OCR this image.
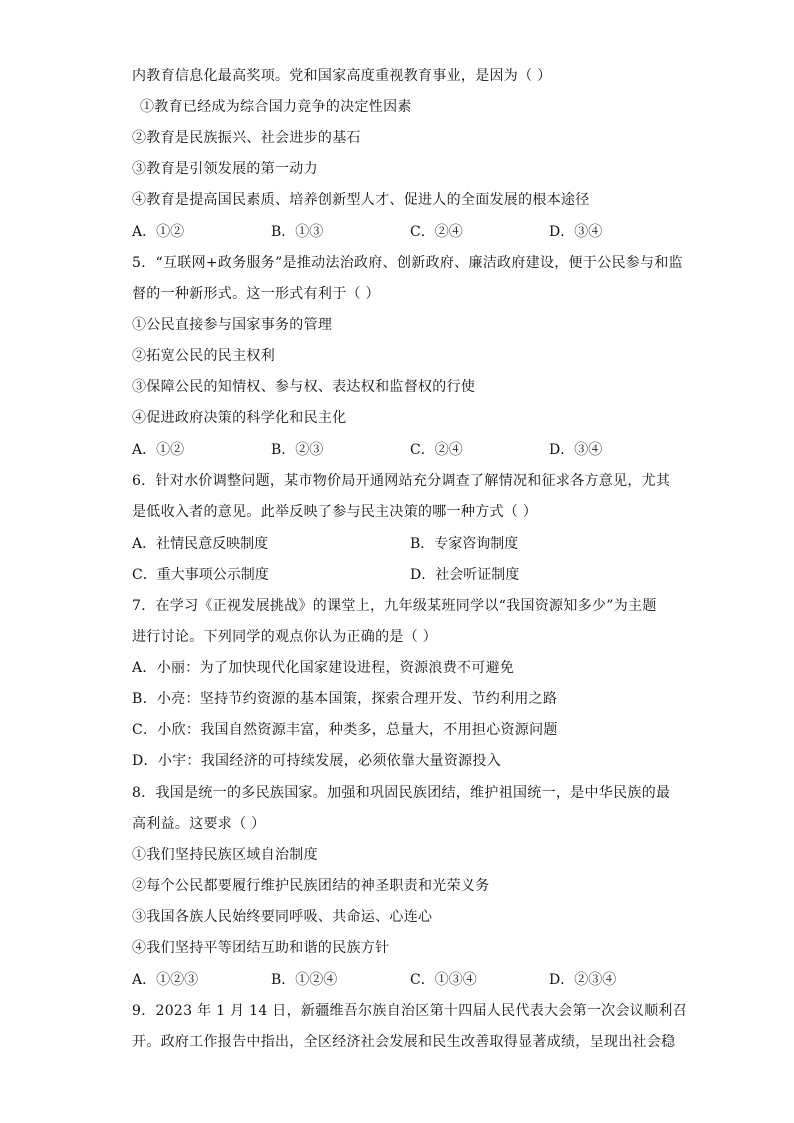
内教育信息化最高奖项。党和国家高度重视教育事业，是因为（ ）
①教育已经成为综合国力竞争的决定性因素
②教育是民族振兴、社会进步的基石
③教育是引领发展的第一动力
④教育是提高国民素质、培养创新型人才、促进人的全面发展的根本途径
A．①②	B．①③	C．②④	D．③④
5．“互联网+政务服务”是推动法治政府、创新政府、廉洁政府建设，便于公民参与和监
督的一种新形式。这一形式有利于（ ）
①公民直接参与国家事务的管理
②拓宽公民的民主权利
③保障公民的知情权、参与权、表达权和监督权的行使
④促进政府决策的科学化和民主化
A．①②	B．②③	C．②④	D．③④
6．针对水价调整问题，某市物价局开通网站充分调查了解情况和征求各方意见，尤其
是低收入者的意见。此举反映了参与民主决策的哪一种方式（ ）
A．社情民意反映制度	B．专家咨询制度
C．重大事项公示制度	D．社会听证制度
7．在学习《正视发展挑战》的课堂上，九年级某班同学以“我国资源知多少”为主题
进行讨论。下列同学的观点你认为正确的是（ ）
A．小丽：为了加快现代化国家建设进程，资源浪费不可避免
B．小亮：坚持节约资源的基本国策，探索合理开发、节约利用之路
C．小欣：我国自然资源丰富，种类多，总量大，不用担心资源问题
D．小宇：我国经济的可持续发展，必须依靠大量资源投入
8．我国是统一的多民族国家。加强和巩固民族团结，维护祖国统一，是中华民族的最
高利益。这要求（ ）
①我们坚持民族区域自治制度
②每个公民都要履行维护民族团结的神圣职责和光荣义务
③我国各族人民始终要同呼吸、共命运、心连心
④我们坚持平等团结互助和谐的民族方针
A．①②③	B．①②④	C．①③④	D．②③④
9．2023 年 1 月 14 日，新疆维吾尔族自治区第十四届人民代表大会第一次会议顺利召
开。政府工作报告中指出，全区经济社会发展和民生改善取得显著成绩，呈现出社会稳
